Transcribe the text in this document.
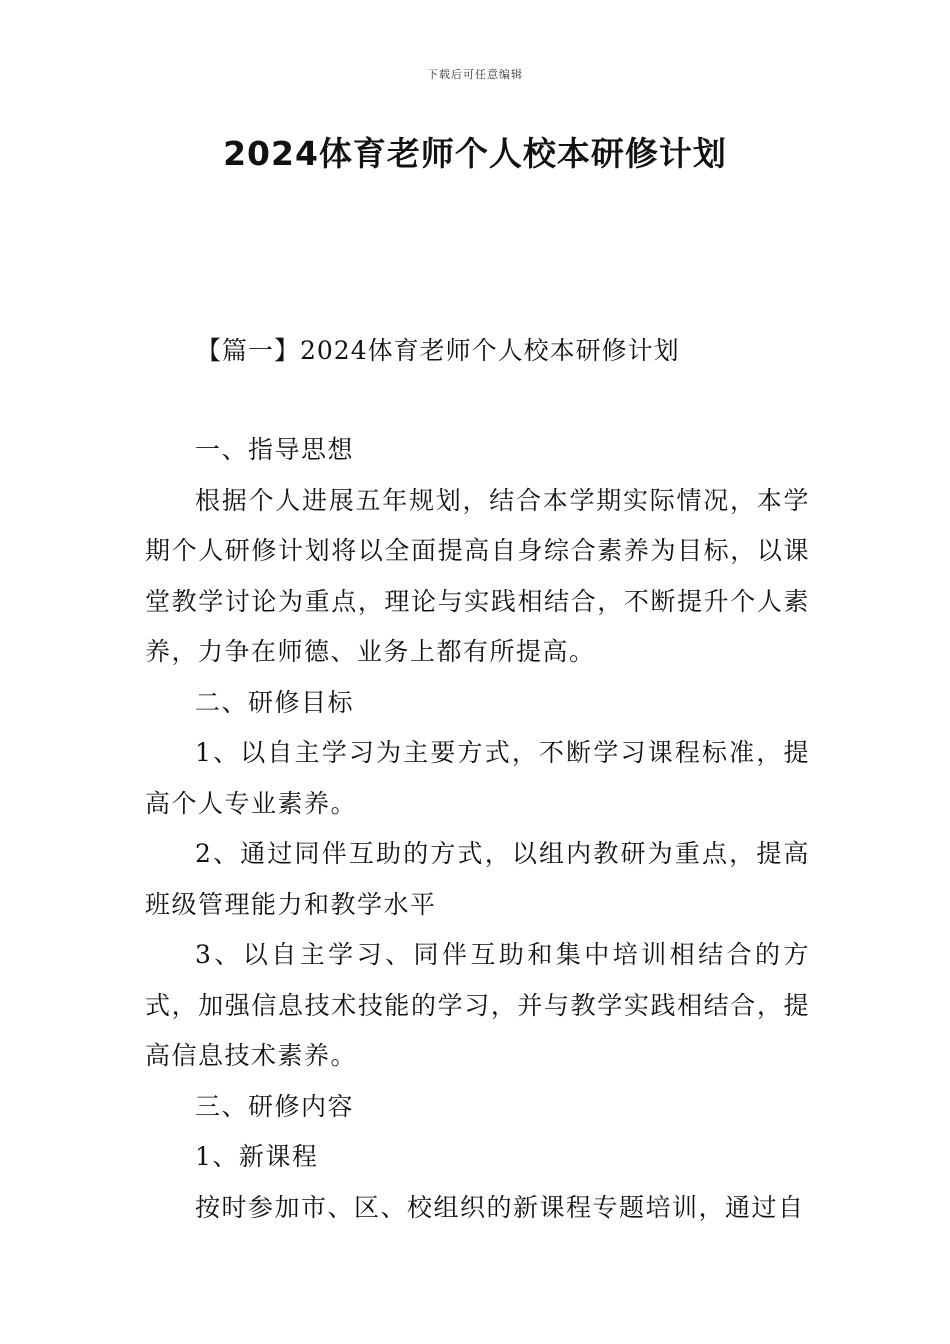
下载后可任意编辑
2024体育老师个人校本研修计划
【篇一】2024体育老师个人校本研修计划

一、指导思想

根据个人进展五年规划，结合本学期实际情况，本学期个人研修计划将以全面提高自身综合素养为目标，以课堂教学讨论为重点，理论与实践相结合，不断提升个人素养，力争在师德、业务上都有所提高。

二、研修目标

1、以自主学习为主要方式，不断学习课程标准，提高个人专业素养。

2、通过同伴互助的方式，以组内教研为重点，提高班级管理能力和教学水平

3、以自主学习、同伴互助和集中培训相结合的方式，加强信息技术技能的学习，并与教学实践相结合，提高信息技术素养。

三、研修内容

1、新课程

按时参加市、区、校组织的新课程专题培训，通过自
